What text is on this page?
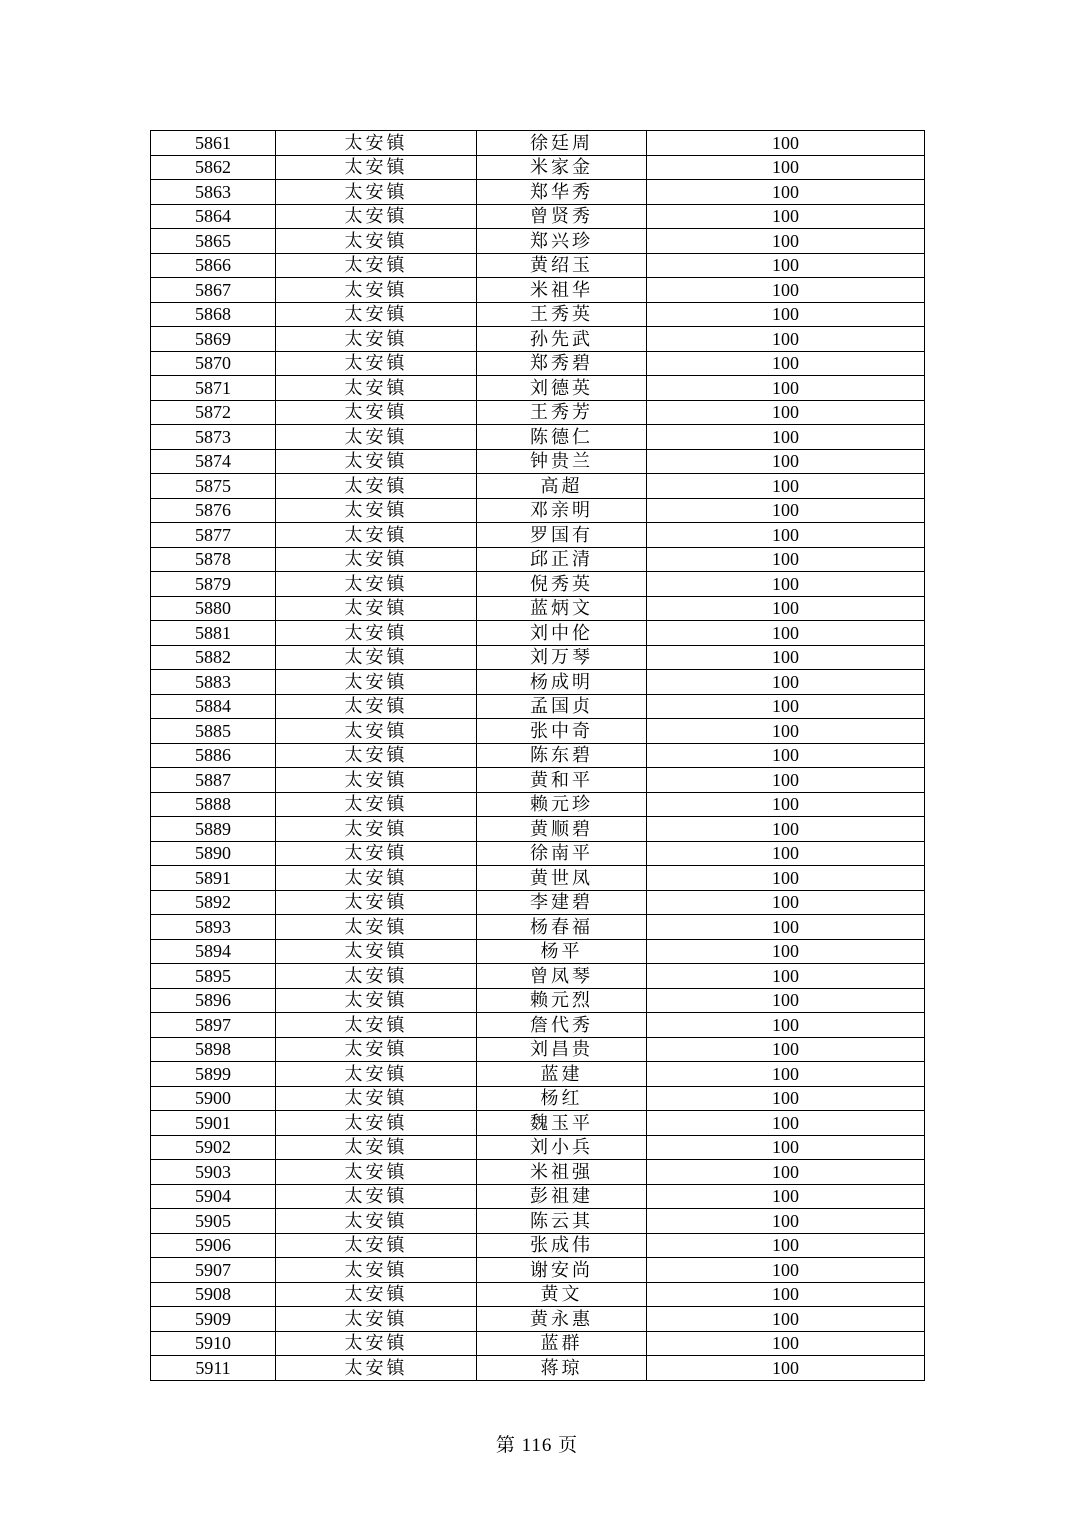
5861	太安镇	徐廷周	100
5862	太安镇	米家金	100
5863	太安镇	郑华秀	100
5864	太安镇	曾贤秀	100
5865	太安镇	郑兴珍	100
5866	太安镇	黄绍玉	100
5867	太安镇	米祖华	100
5868	太安镇	王秀英	100
5869	太安镇	孙先武	100
5870	太安镇	郑秀碧	100
5871	太安镇	刘德英	100
5872	太安镇	王秀芳	100
5873	太安镇	陈德仁	100
5874	太安镇	钟贵兰	100
5875	太安镇	高超	100
5876	太安镇	邓亲明	100
5877	太安镇	罗国有	100
5878	太安镇	邱正清	100
5879	太安镇	倪秀英	100
5880	太安镇	蓝炳文	100
5881	太安镇	刘中伦	100
5882	太安镇	刘万琴	100
5883	太安镇	杨成明	100
5884	太安镇	孟国贞	100
5885	太安镇	张中奇	100
5886	太安镇	陈东碧	100
5887	太安镇	黄和平	100
5888	太安镇	赖元珍	100
5889	太安镇	黄顺碧	100
5890	太安镇	徐南平	100
5891	太安镇	黄世凤	100
5892	太安镇	李建碧	100
5893	太安镇	杨春福	100
5894	太安镇	杨平	100
5895	太安镇	曾凤琴	100
5896	太安镇	赖元烈	100
5897	太安镇	詹代秀	100
5898	太安镇	刘昌贵	100
5899	太安镇	蓝建	100
5900	太安镇	杨红	100
5901	太安镇	魏玉平	100
5902	太安镇	刘小兵	100
5903	太安镇	米祖强	100
5904	太安镇	彭祖建	100
5905	太安镇	陈云其	100
5906	太安镇	张成伟	100
5907	太安镇	谢安尚	100
5908	太安镇	黄文	100
5909	太安镇	黄永惠	100
5910	太安镇	蓝群	100
5911	太安镇	蒋琼	100
第 116 页
